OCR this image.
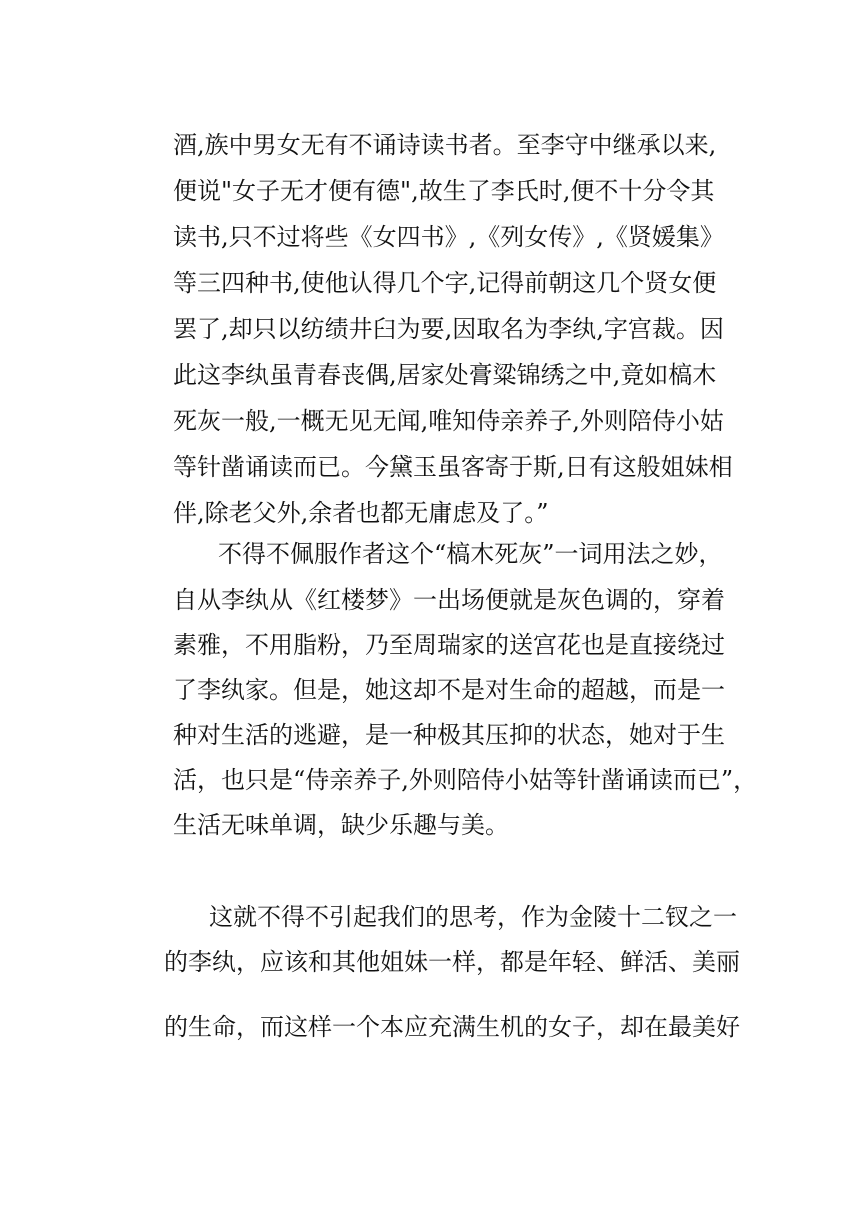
酒,族中男女无有不诵诗读书者。至李守中继承以来,
便说"女子无才便有德",故生了李氏时,便不十分令其
读书,只不过将些《女四书》,《列女传》,《贤媛集》
等三四种书,使他认得几个字,记得前朝这几个贤女便
罢了,却只以纺绩井臼为要,因取名为李纨,字宫裁。因
此这李纨虽青春丧偶,居家处膏粱锦绣之中,竟如槁木
死灰一般,一概无见无闻,唯知侍亲养子,外则陪侍小姑
等针凿诵读而已。今黛玉虽客寄于斯,日有这般姐妹相
伴,除老父外,余者也都无庸虑及了。”
不得不佩服作者这个“槁木死灰”一词用法之妙，
自从李纨从《红楼梦》一出场便就是灰色调的，穿着
素雅，不用脂粉，乃至周瑞家的送宫花也是直接绕过
了李纨家。但是，她这却不是对生命的超越，而是一
种对生活的逃避，是一种极其压抑的状态，她对于生
活，也只是“侍亲养子,外则陪侍小姑等针凿诵读而已”，
生活无味单调，缺少乐趣与美。
这就不得不引起我们的思考，作为金陵十二钗之一
的李纨，应该和其他姐妹一样，都是年轻、鲜活、美丽
的生命，而这样一个本应充满生机的女子，却在最美好
